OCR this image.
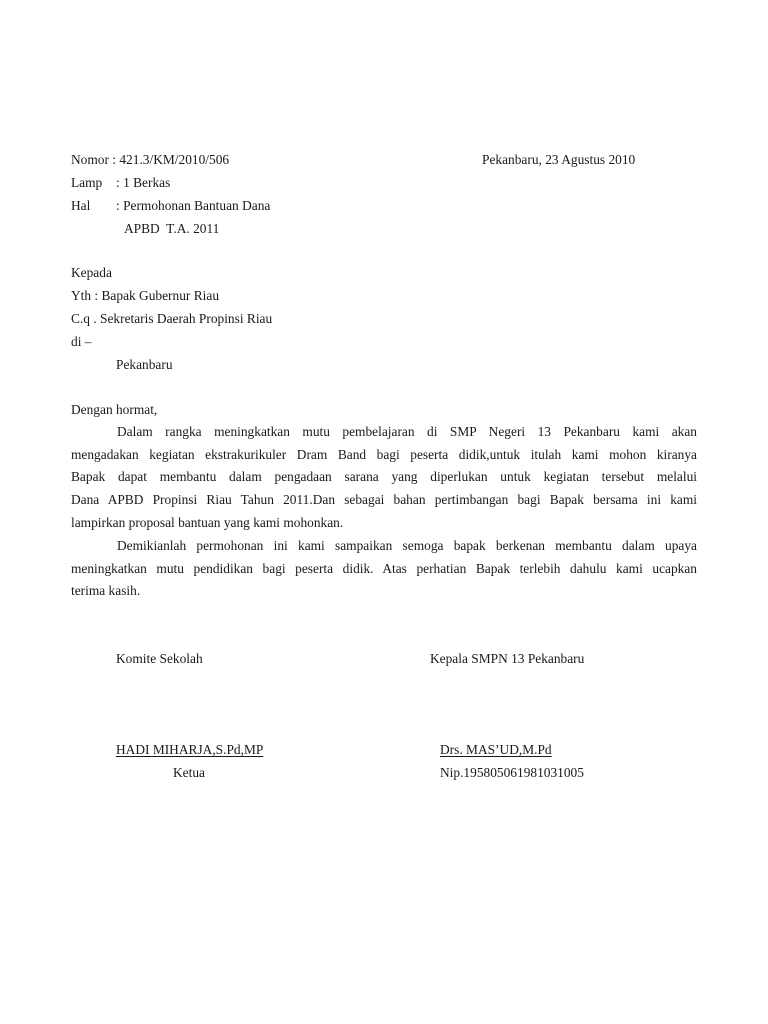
Nomor : 421.3/KM/2010/506	Pekanbaru, 23 Agustus 2010
Lamp : 1 Berkas
Hal : Permohonan Bantuan Dana
APBD  T.A. 2011
Kepada
Yth : Bapak Gubernur Riau
C.q . Sekretaris Daerah Propinsi Riau
di –
Pekanbaru
Dengan hormat,
Dalam rangka meningkatkan mutu pembelajaran di SMP Negeri 13 Pekanbaru kami akan
mengadakan kegiatan ekstrakurikuler Dram Band bagi peserta didik,untuk itulah kami mohon kiranya
Bapak dapat membantu dalam pengadaan sarana yang diperlukan untuk kegiatan tersebut melalui
Dana APBD Propinsi Riau Tahun 2011.Dan sebagai bahan pertimbangan bagi Bapak bersama ini kami
lampirkan proposal bantuan yang kami mohonkan.
Demikianlah permohonan ini kami sampaikan semoga bapak berkenan membantu dalam upaya
meningkatkan mutu pendidikan bagi peserta didik. Atas perhatian Bapak terlebih dahulu kami ucapkan
terima kasih.
Komite Sekolah	Kepala SMPN 13 Pekanbaru
HADI MIHARJA,S.Pd,MP	Drs. MAS’UD,M.Pd
Ketua	Nip.195805061981031005
